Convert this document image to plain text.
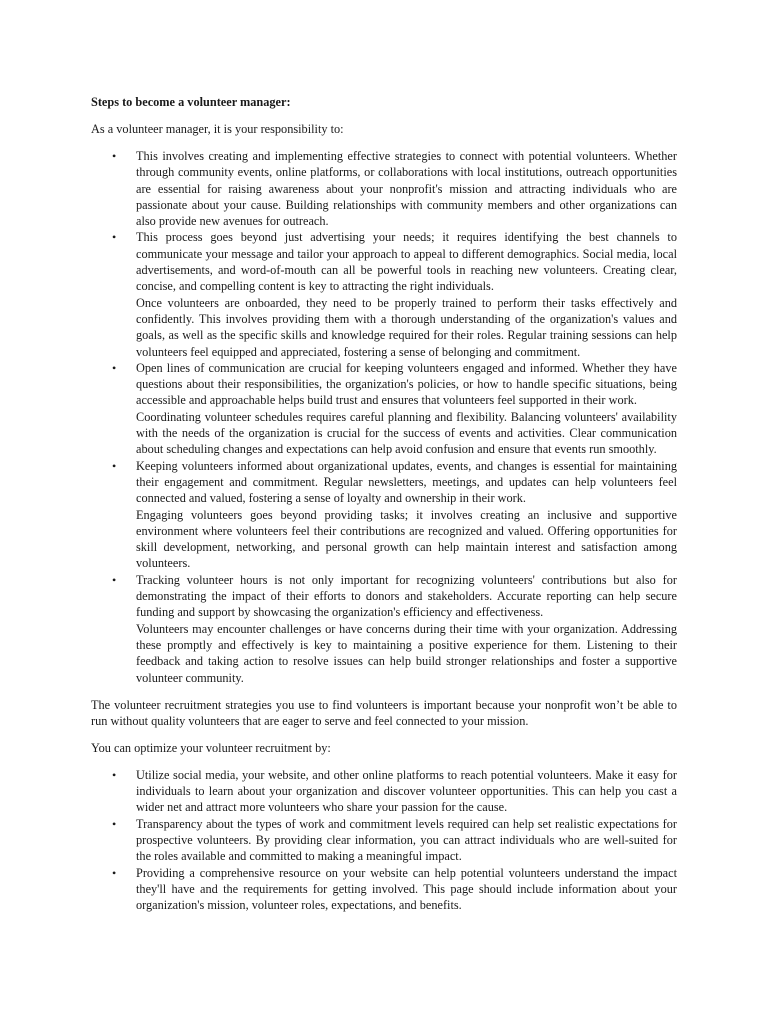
Steps to become a volunteer manager:

As a volunteer manager, it is your responsibility to:

• This involves creating and implementing effective strategies to connect with potential volunteers. Whether through community events, online platforms, or collaborations with local institutions, outreach opportunities are essential for raising awareness about your nonprofit's mission and attracting individuals who are passionate about your cause. Building relationships with community members and other organizations can also provide new avenues for outreach.

• This process goes beyond just advertising your needs; it requires identifying the best channels to communicate your message and tailor your approach to appeal to different demographics. Social media, local advertisements, and word-of-mouth can all be powerful tools in reaching new volunteers. Creating clear, concise, and compelling content is key to attracting the right individuals.

Once volunteers are onboarded, they need to be properly trained to perform their tasks effectively and confidently. This involves providing them with a thorough understanding of the organization's values and goals, as well as the specific skills and knowledge required for their roles. Regular training sessions can help volunteers feel equipped and appreciated, fostering a sense of belonging and commitment.

• Open lines of communication are crucial for keeping volunteers engaged and informed. Whether they have questions about their responsibilities, the organization's policies, or how to handle specific situations, being accessible and approachable helps build trust and ensures that volunteers feel supported in their work.

Coordinating volunteer schedules requires careful planning and flexibility. Balancing volunteers' availability with the needs of the organization is crucial for the success of events and activities. Clear communication about scheduling changes and expectations can help avoid confusion and ensure that events run smoothly.

• Keeping volunteers informed about organizational updates, events, and changes is essential for maintaining their engagement and commitment. Regular newsletters, meetings, and updates can help volunteers feel connected and valued, fostering a sense of loyalty and ownership in their work.

Engaging volunteers goes beyond providing tasks; it involves creating an inclusive and supportive environment where volunteers feel their contributions are recognized and valued. Offering opportunities for skill development, networking, and personal growth can help maintain interest and satisfaction among volunteers.

• Tracking volunteer hours is not only important for recognizing volunteers' contributions but also for demonstrating the impact of their efforts to donors and stakeholders. Accurate reporting can help secure funding and support by showcasing the organization's efficiency and effectiveness.

Volunteers may encounter challenges or have concerns during their time with your organization. Addressing these promptly and effectively is key to maintaining a positive experience for them. Listening to their feedback and taking action to resolve issues can help build stronger relationships and foster a supportive volunteer community.

The volunteer recruitment strategies you use to find volunteers is important because your nonprofit won’t be able to run without quality volunteers that are eager to serve and feel connected to your mission.

You can optimize your volunteer recruitment by:

• Utilize social media, your website, and other online platforms to reach potential volunteers. Make it easy for individuals to learn about your organization and discover volunteer opportunities. This can help you cast a wider net and attract more volunteers who share your passion for the cause.

• Transparency about the types of work and commitment levels required can help set realistic expectations for prospective volunteers. By providing clear information, you can attract individuals who are well-suited for the roles available and committed to making a meaningful impact.

• Providing a comprehensive resource on your website can help potential volunteers understand the impact they'll have and the requirements for getting involved. This page should include information about your organization's mission, volunteer roles, expectations, and benefits.
